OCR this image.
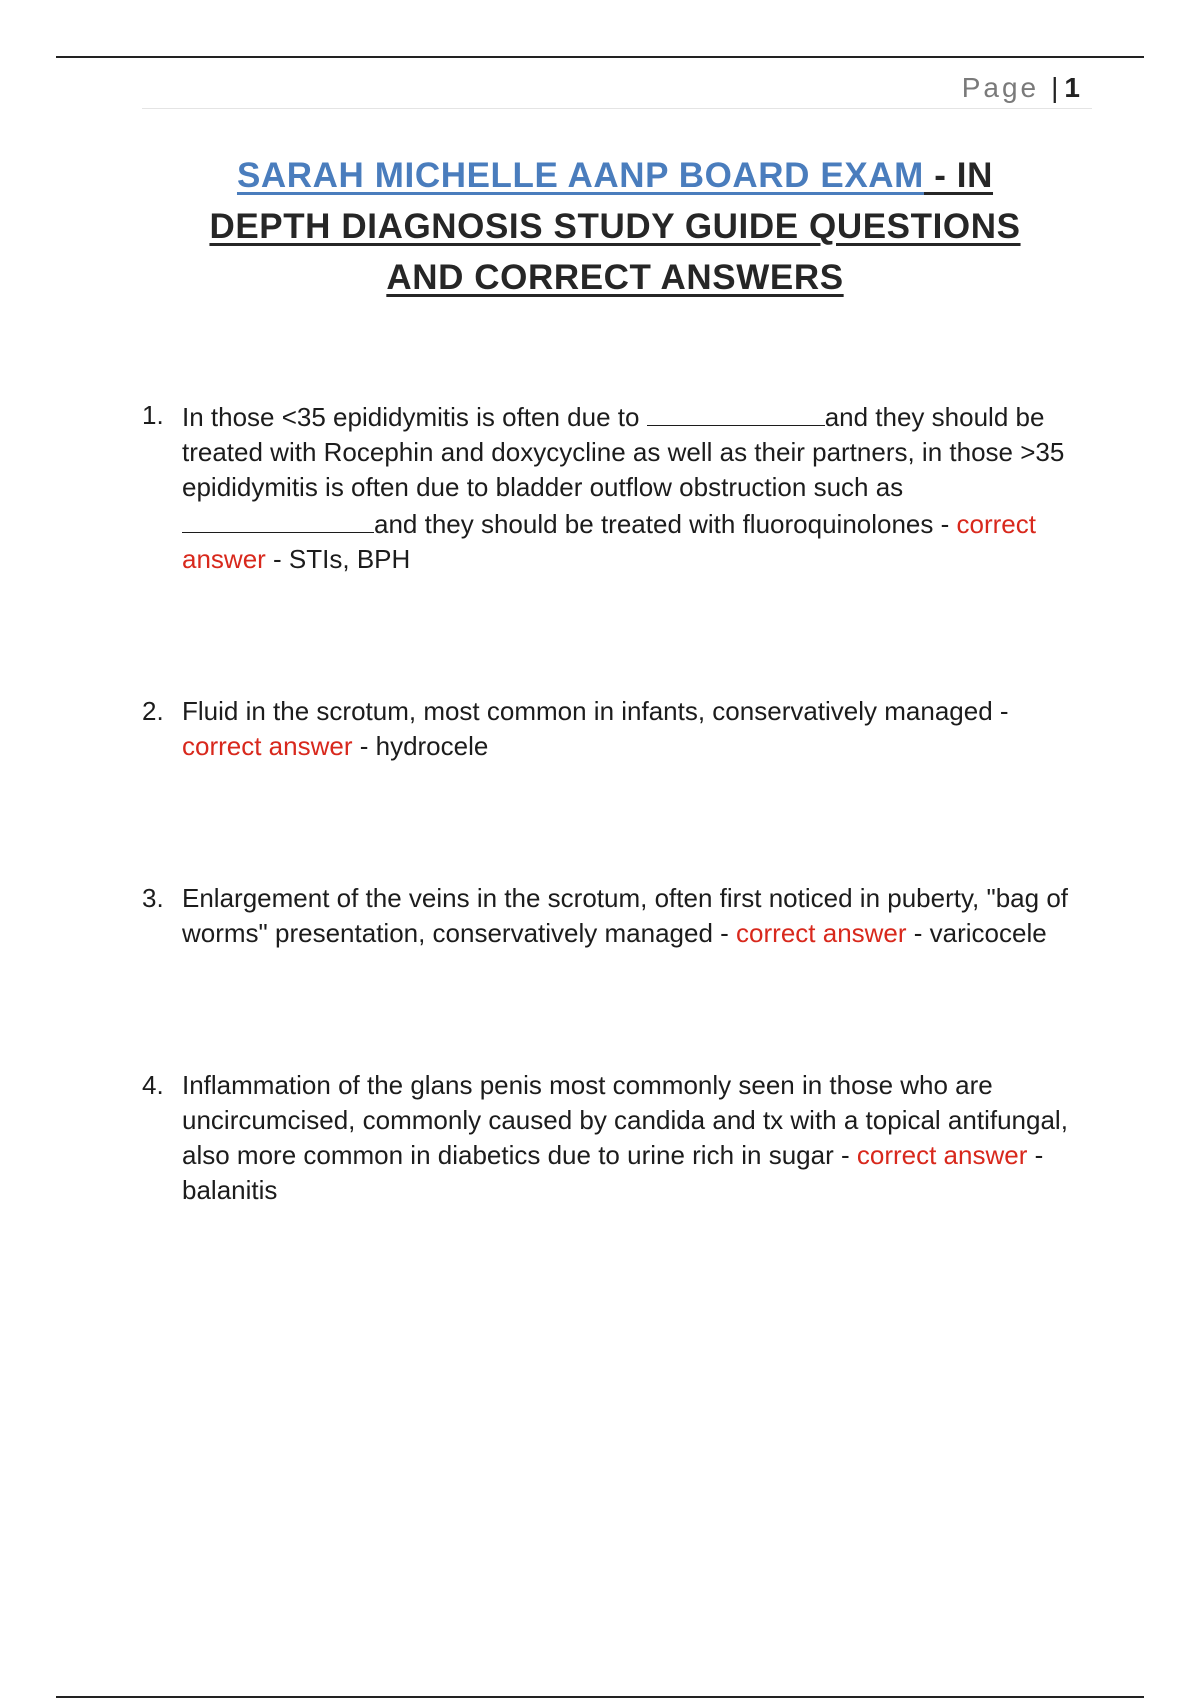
Page | 1
SARAH MICHELLE AANP BOARD EXAM - IN
DEPTH DIAGNOSIS STUDY GUIDE QUESTIONS
AND CORRECT ANSWERS
1. In those <35 epididymitis is often due to	and they should be treated with Rocephin and doxycycline as well as their partners, in those >35 epididymitis is often due to bladder outflow obstruction such as and they should be treated with fluoroquinolones - correct answer - STIs, BPH
2. Fluid in the scrotum, most common in infants, conservatively managed - correct answer - hydrocele
3. Enlargement of the veins in the scrotum, often first noticed in puberty, "bag of worms" presentation, conservatively managed - correct answer - varicocele
4. Inflammation of the glans penis most commonly seen in those who are uncircumcised, commonly caused by candida and tx with a topical antifungal, also more common in diabetics due to urine rich in sugar - correct answer - balanitis
